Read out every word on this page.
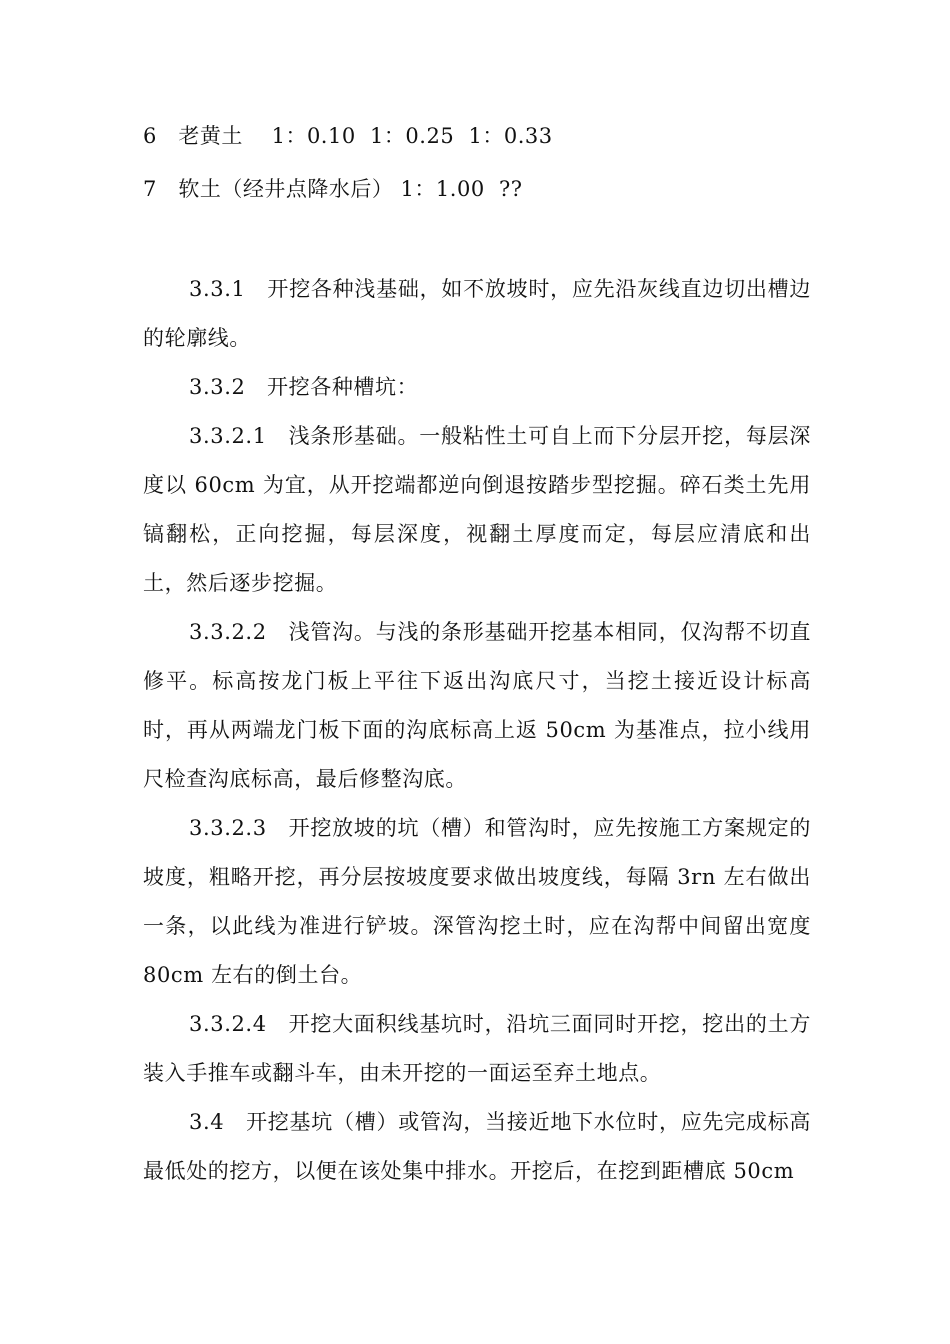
6   老黄土    1：0.10  1：0.25  1：0.33
7   软土（经井点降水后） 1：1.00  ??

3.3.1　开挖各种浅基础，如不放坡时，应先沿灰线直边切出槽边的轮廓线。

3.3.2　开挖各种槽坑：

3.3.2.1　浅条形基础。一般粘性土可自上而下分层开挖，每层深度以 60cm 为宜，从开挖端都逆向倒退按踏步型挖掘。碎石类土先用镐翻松，正向挖掘，每层深度，视翻土厚度而定，每层应清底和出土，然后逐步挖掘。

3.3.2.2　浅管沟。与浅的条形基础开挖基本相同，仅沟帮不切直修平。标高按龙门板上平往下返出沟底尺寸，当挖土接近设计标高时，再从两端龙门板下面的沟底标高上返 50cm 为基准点，拉小线用尺检查沟底标高，最后修整沟底。

3.3.2.3　开挖放坡的坑（槽）和管沟时，应先按施工方案规定的坡度，粗略开挖，再分层按坡度要求做出坡度线，每隔 3rn 左右做出一条，以此线为准进行铲坡。深管沟挖土时，应在沟帮中间留出宽度 80cm 左右的倒土台。

3.3.2.4　开挖大面积线基坑时，沿坑三面同时开挖，挖出的土方装入手推车或翻斗车，由未开挖的一面运至弃土地点。

3.4　开挖基坑（槽）或管沟，当接近地下水位时，应先完成标高最低处的挖方，以便在该处集中排水。开挖后，在挖到距槽底 50cm
